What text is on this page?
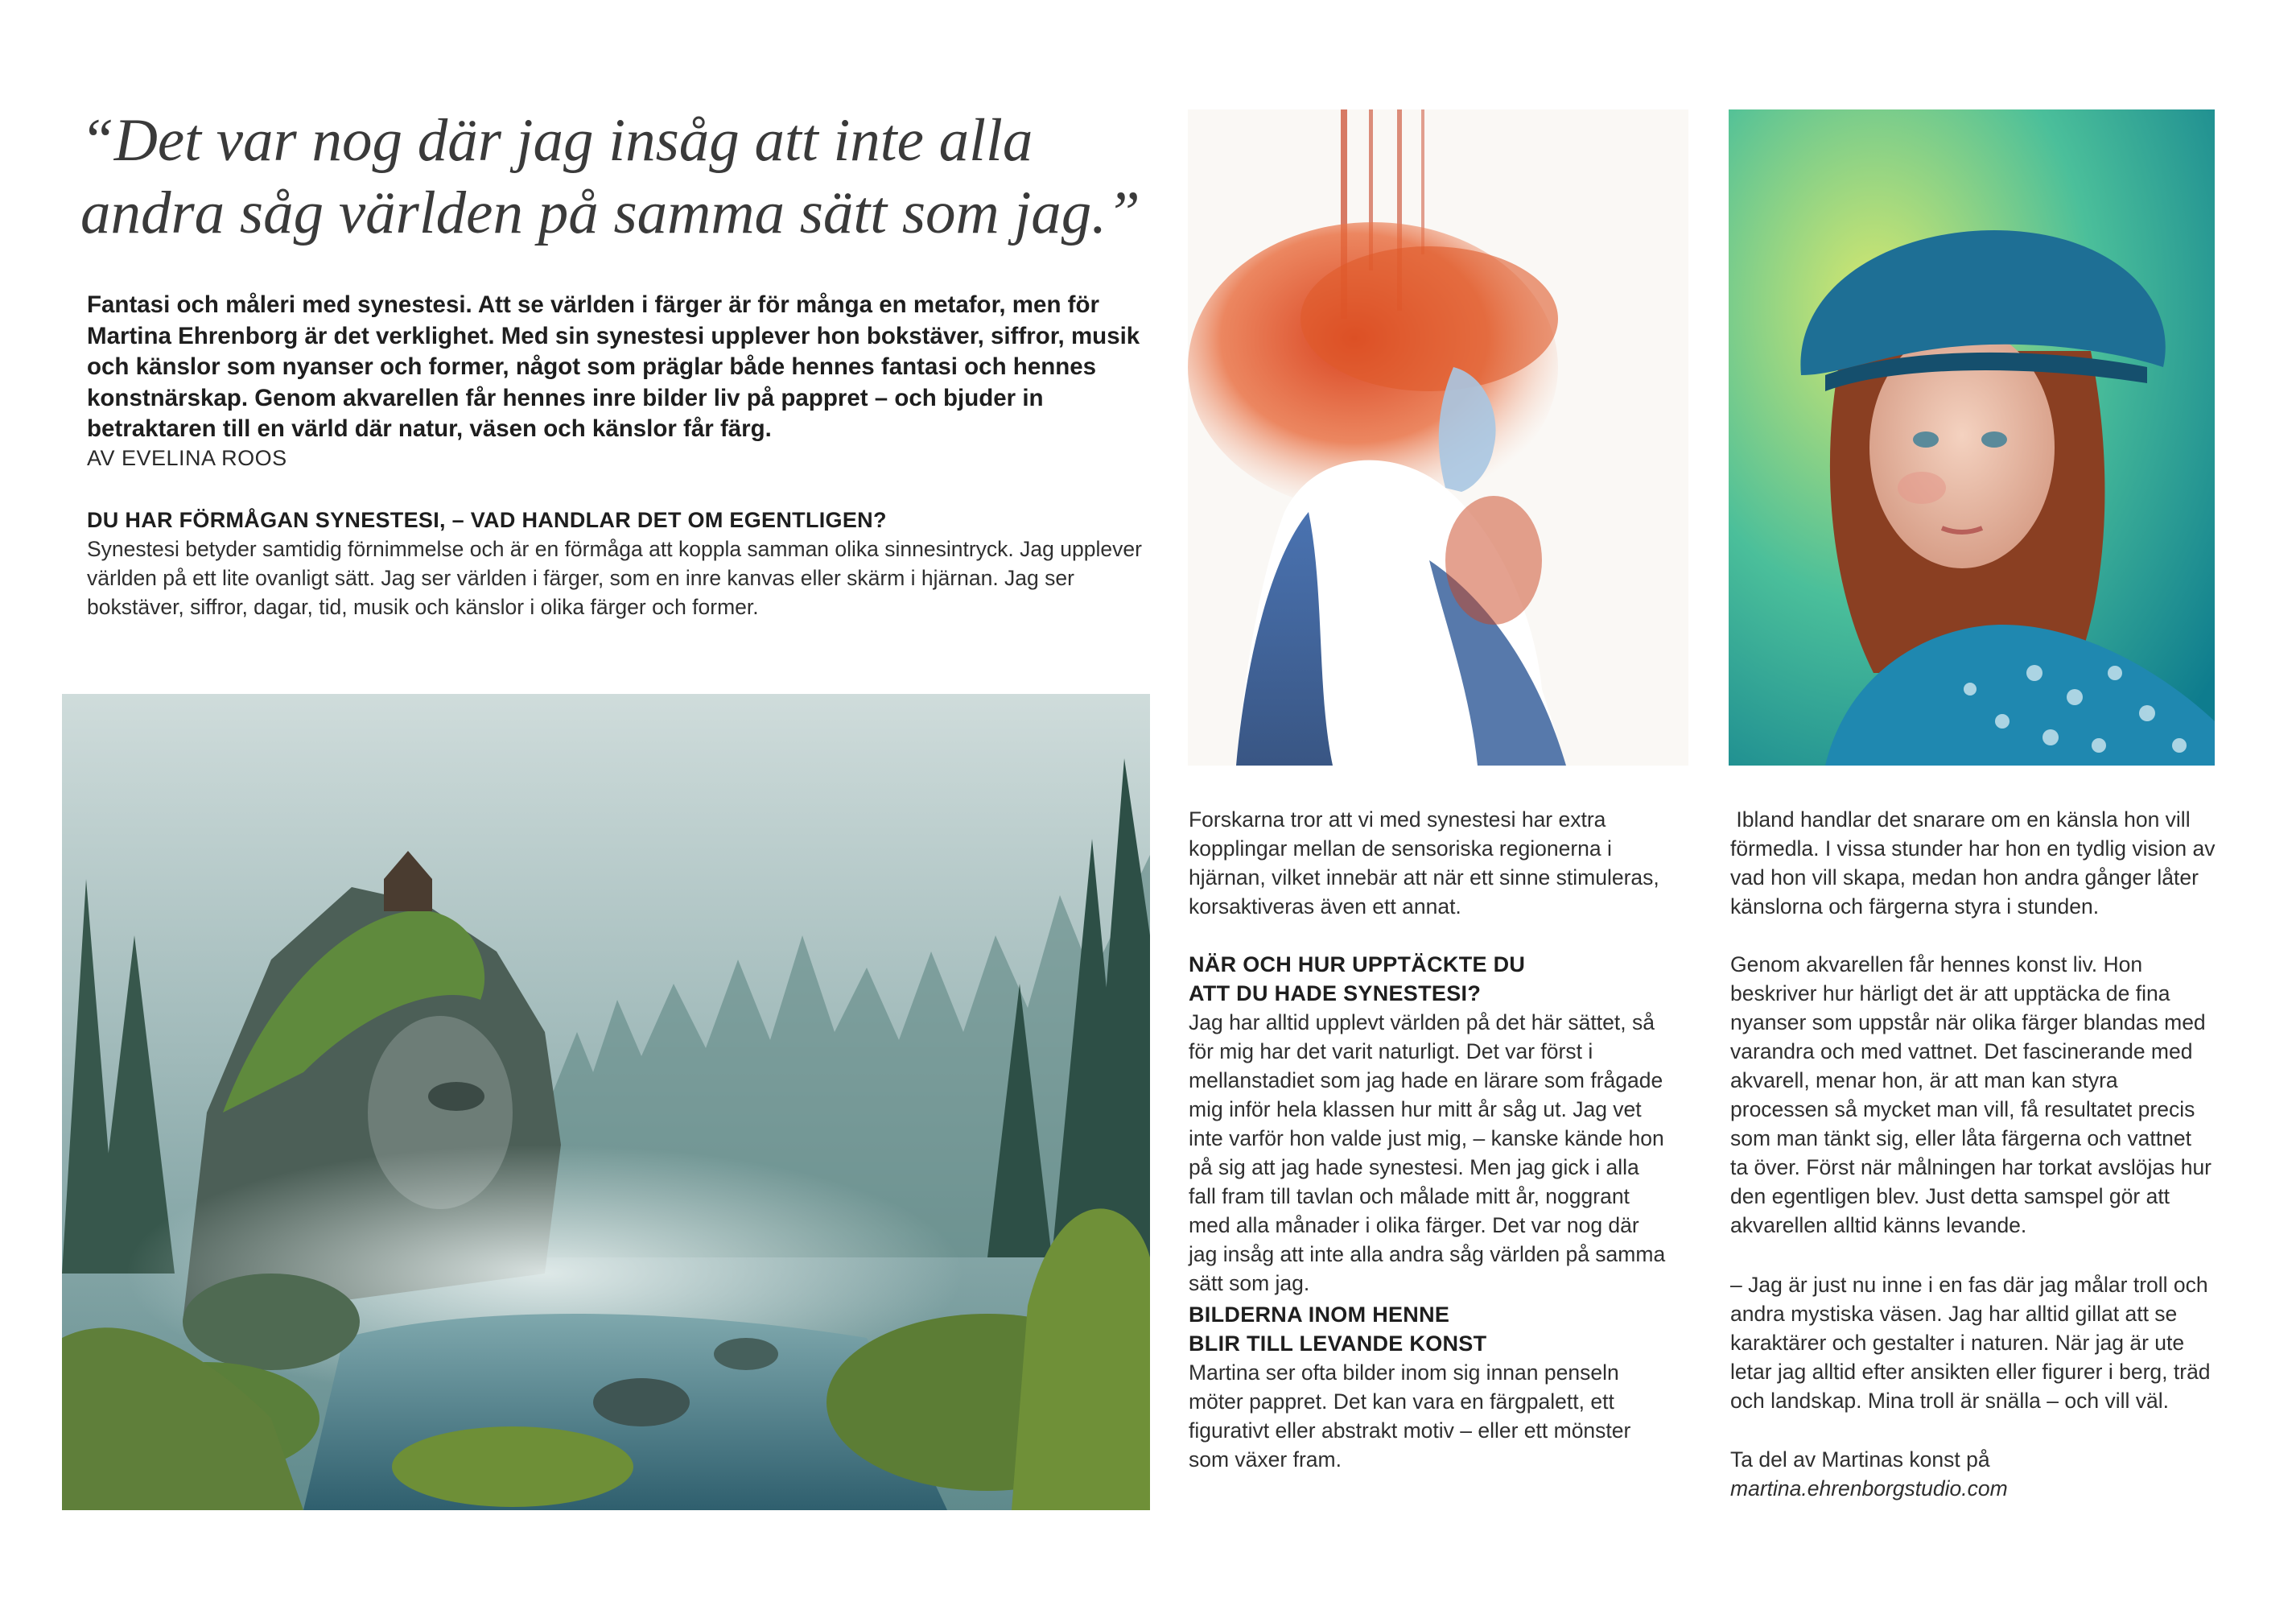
“Det var nog där jag insåg att inte alla
andra såg världen på samma sätt som jag.”

Fantasi och måleri med synestesi. Att se världen i färger är för många en metafor, men för Martina Ehrenborg är det verklighet. Med sin synestesi upplever hon bokstäver, siffror, musik och känslor som nyanser och former, något som präglar både hennes fantasi och hennes konstnärskap. Genom akvarellen får hennes inre bilder liv på pappret – och bjuder in betraktaren till en värld där natur, väsen och känslor får färg.

AV EVELINA ROOS
DU HAR FÖRMÅGAN SYNESTESI, – VAD HANDLAR DET OM EGENTLIGEN?

Synestesi betyder samtidig förnimmelse och är en förmåga att koppla samman olika sinnesintryck. Jag upplever världen på ett lite ovanligt sätt. Jag ser världen i färger, som en inre kanvas eller skärm i hjärnan. Jag ser bokstäver, siffror, dagar, tid, musik och känslor i olika färger och former.

Forskarna tror att vi med synestesi har extra kopplingar mellan de sensoriska regionerna i hjärnan, vilket innebär att när ett sinne stimuleras, korsaktiveras även ett annat.

NÄR OCH HUR UPPTÄCKTE DU
ATT DU HADE SYNESTESI?

Jag har alltid upplevt världen på det här sättet, så för mig har det varit naturligt. Det var först i mellanstadiet som jag hade en lärare som frågade mig inför hela klassen hur mitt år såg ut. Jag vet inte varför hon valde just mig, – kanske kände hon på sig att jag hade synestesi. Men jag gick i alla fall fram till tavlan och målade mitt år, noggrant med alla månader i olika färger. Det var nog där jag insåg att inte alla andra såg världen på samma sätt som jag.

BILDERNA INOM HENNE
BLIR TILL LEVANDE KONST

Martina ser ofta bilder inom sig innan penseln möter pappret. Det kan vara en färgpalett, ett figurativt eller abstrakt motiv – eller ett mönster som växer fram.

Ibland handlar det snarare om en känsla hon vill förmedla. I vissa stunder har hon en tydlig vision av vad hon vill skapa, medan hon andra gånger låter känslorna och färgerna styra i stunden.

Genom akvarellen får hennes konst liv. Hon beskriver hur härligt det är att upptäcka de fina nyanser som uppstår när olika färger blandas med varandra och med vattnet. Det fascinerande med akvarell, menar hon, är att man kan styra processen så mycket man vill, få resultatet precis som man tänkt sig, eller låta färgerna och vattnet ta över. Först när målningen har torkat avslöjas hur den egentligen blev. Just detta samspel gör att akvarellen alltid känns levande.

– Jag är just nu inne i en fas där jag målar troll och andra mystiska väsen. Jag har alltid gillat att se karaktärer och gestalter i naturen. När jag är ute letar jag alltid efter ansikten eller figurer i berg, träd och landskap. Mina troll är snälla – och vill väl.

Ta del av Martinas konst på
martina.ehrenborgstudio.com
